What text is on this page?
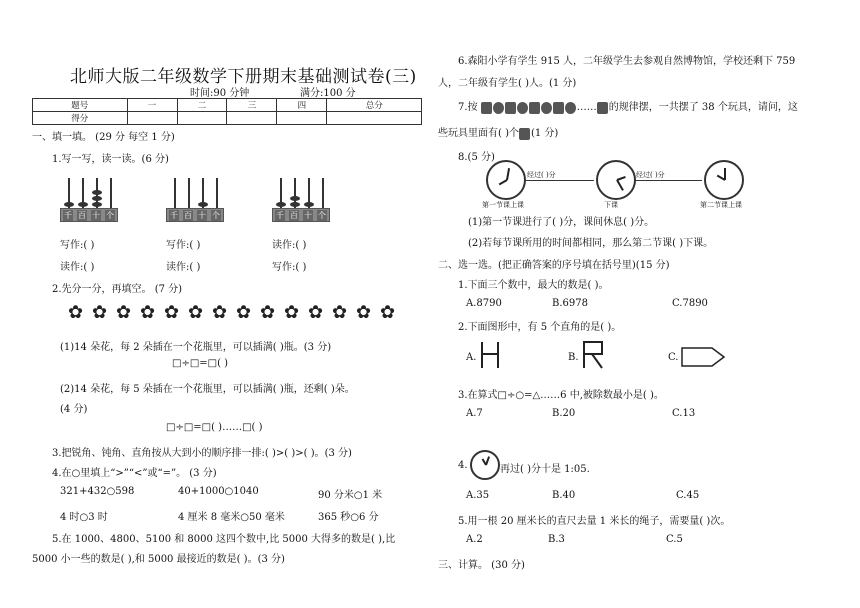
北师大版二年级数学下册期末基础测试卷(三)
时间:90 分钟	满分:100 分
题号	一	二	三	四	总分
得分					
一、填一填。 (29 分 每空 1 分)
1.写一写，读一读。(6 分)
千 百 十 个	千 百 十 个	千 百 十 个
写作:( )	写作:( )	读作:( )
读作:( )	读作:( )	写作:( )
2.先分一分，再填空。 (7 分)
✿ ✿ ✿ ✿ ✿ ✿ ✿ ✿ ✿ ✿ ✿ ✿ ✿ ✿
(1)14 朵花，每 2 朵插在一个花瓶里，可以插满( )瓶。(3 分)
□÷□=□( )
(2)14 朵花，每 5 朵插在一个花瓶里，可以插满( )瓶，还剩( )朵。
(4 分)
□÷□=□( )……□( )
3.把锐角、钝角、直角按从大到小的顺序排一排:( )>( )>( )。(3 分)
4.在○里填上“>”“<”或“=”。 (3 分)
321+432○598	40+1000○1040	90 分米○1 米
4 时○3 时	4 厘米 8 毫米○50 毫米	365 秒○6 分
5.在 1000、4800、5100 和 8000 这四个数中,比 5000 大得多的数是( ),比
5000 小一些的数是( ),和 5000 最接近的数是( )。(3 分)
6.森阳小学有学生 915 人，二年级学生去参观自然博物馆，学校还剩下 759
人，二年级有学生( )人。(1 分)
7.按	…… 的规律摆，一共摆了 38 个玩具，请问，这
些玩具里面有( )个 (1 分)
8.(5 分)
经过( )分	经过( )分
第一节课上课	下课	第二节课上课
(1)第一节课进行了( )分，课间休息( )分。
(2)若每节课所用的时间都相同，那么第二节课( )下课。
二、选一选。(把正确答案的序号填在括号里)(15 分)
1.下面三个数中，最大的数是( )。
A.8790	B.6978	C.7890
2.下面图形中，有 5 个直角的是( )。
A.	B.	C.
3.在算式□÷○=△……6 中,被除数最小是( )。
A.7	B.20	C.13
4.	再过( )分十是 1:05.
A.35	B.40	C.45
5.用一根 20 厘米长的直尺去量 1 米长的绳子，需要量( )次。
A.2	B.3	C.5
三、计算。 (30 分)
